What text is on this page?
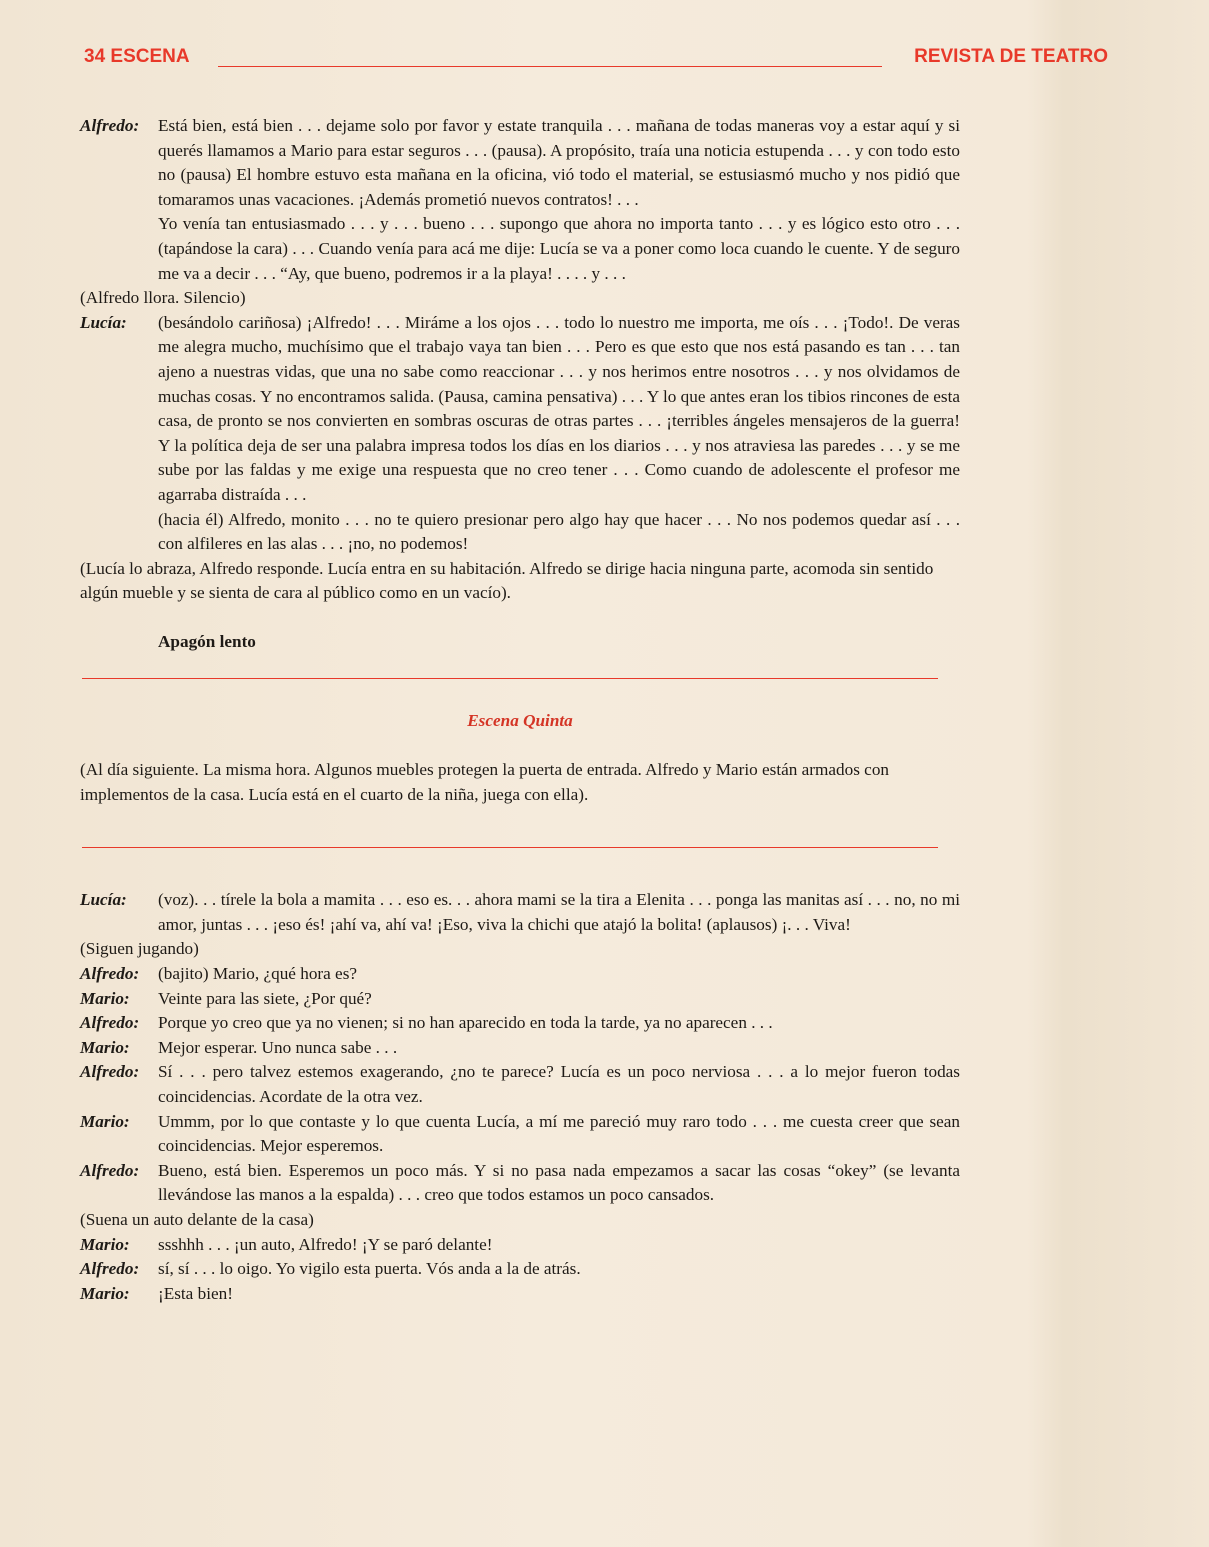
34 ESCENA	REVISTA DE TEATRO
Alfredo:	Está bien, está bien . . . dejame solo por favor y estate tranquila . . . mañana de todas maneras voy a estar aquí y si querés llamamos a Mario para estar seguros . . . (pausa). A propósito, traía una noticia estupenda . . . y con todo esto no (pausa) El hombre estuvo esta mañana en la oficina, vió todo el material, se estusiasmó mucho y nos pidió que tomaramos unas vacaciones. ¡Además prometió nuevos contratos! . . .

Yo venía tan entusiasmado . . . y . . . bueno . . . supongo que ahora no importa tanto . . . y es lógico esto otro . . . (tapándose la cara) . . . Cuando venía para acá me dije: Lucía se va a poner como loca cuando le cuente. Y de seguro me va a decir . . . “Ay, que bueno, podremos ir a la playa! . . . . y . . .

(Alfredo llora. Silencio)

Lucía:	(besándolo cariñosa) ¡Alfredo! . . . Miráme a los ojos . . . todo lo nuestro me importa, me oís . . . ¡Todo!. De veras me alegra mucho, muchísimo que el trabajo vaya tan bien . . . Pero es que esto que nos está pasando es tan . . . tan ajeno a nuestras vidas, que una no sabe como reaccionar . . . y nos herimos entre nosotros . . . y nos olvidamos de muchas cosas. Y no encontramos salida. (Pausa, camina pensativa) . . . Y lo que antes eran los tibios rincones de esta casa, de pronto se nos convierten en sombras oscuras de otras partes . . . ¡terribles ángeles mensajeros de la guerra! Y la política deja de ser una palabra impresa todos los días en los diarios . . . y nos atraviesa las paredes . . . y se me sube por las faldas y me exige una respuesta que no creo tener . . . Como cuando de adolescente el profesor me agarraba distraída . . .

(hacia él) Alfredo, monito . . . no te quiero presionar pero algo hay que hacer . . . No nos podemos quedar así . . . con alfileres en las alas . . . ¡no, no podemos!

(Lucía lo abraza, Alfredo responde. Lucía entra en su habitación. Alfredo se dirige hacia ninguna parte, acomoda sin sentido algún mueble y se sienta de cara al público como en un vacío).

Apagón lento

Escena Quinta

(Al día siguiente. La misma hora. Algunos muebles protegen la puerta de entrada. Alfredo y Mario están armados con implementos de la casa. Lucía está en el cuarto de la niña, juega con ella).

Lucía:	(voz). . . tírele la bola a mamita . . . eso es. . . ahora mami se la tira a Elenita . . . ponga las manitas así . . . no, no mi amor, juntas . . . ¡eso és! ¡ahí va, ahí va! ¡Eso, viva la chichi que atajó la bolita! (aplausos) ¡. . . Viva!

(Siguen jugando)

Alfredo:	(bajito) Mario, ¿qué hora es?

Mario:	Veinte para las siete, ¿Por qué?

Alfredo:	Porque yo creo que ya no vienen; si no han aparecido en toda la tarde, ya no aparecen . . .

Mario:	Mejor esperar. Uno nunca sabe . . .

Alfredo:	Sí . . . pero talvez estemos exagerando, ¿no te parece? Lucía es un poco nerviosa . . . a lo mejor fueron todas coincidencias. Acordate de la otra vez.

Mario:	Ummm, por lo que contaste y lo que cuenta Lucía, a mí me pareció muy raro todo . . . me cuesta creer que sean coincidencias. Mejor esperemos.

Alfredo:	Bueno, está bien. Esperemos un poco más. Y si no pasa nada empezamos a sacar las cosas “okey” (se levanta llevándose las manos a la espalda) . . . creo que todos estamos un poco cansados.

(Suena un auto delante de la casa)

Mario:	ssshhh . . . ¡un auto, Alfredo! ¡Y se paró delante!

Alfredo:	sí, sí . . . lo oigo. Yo vigilo esta puerta. Vós anda a la de atrás.

Mario:	¡Esta bien!
